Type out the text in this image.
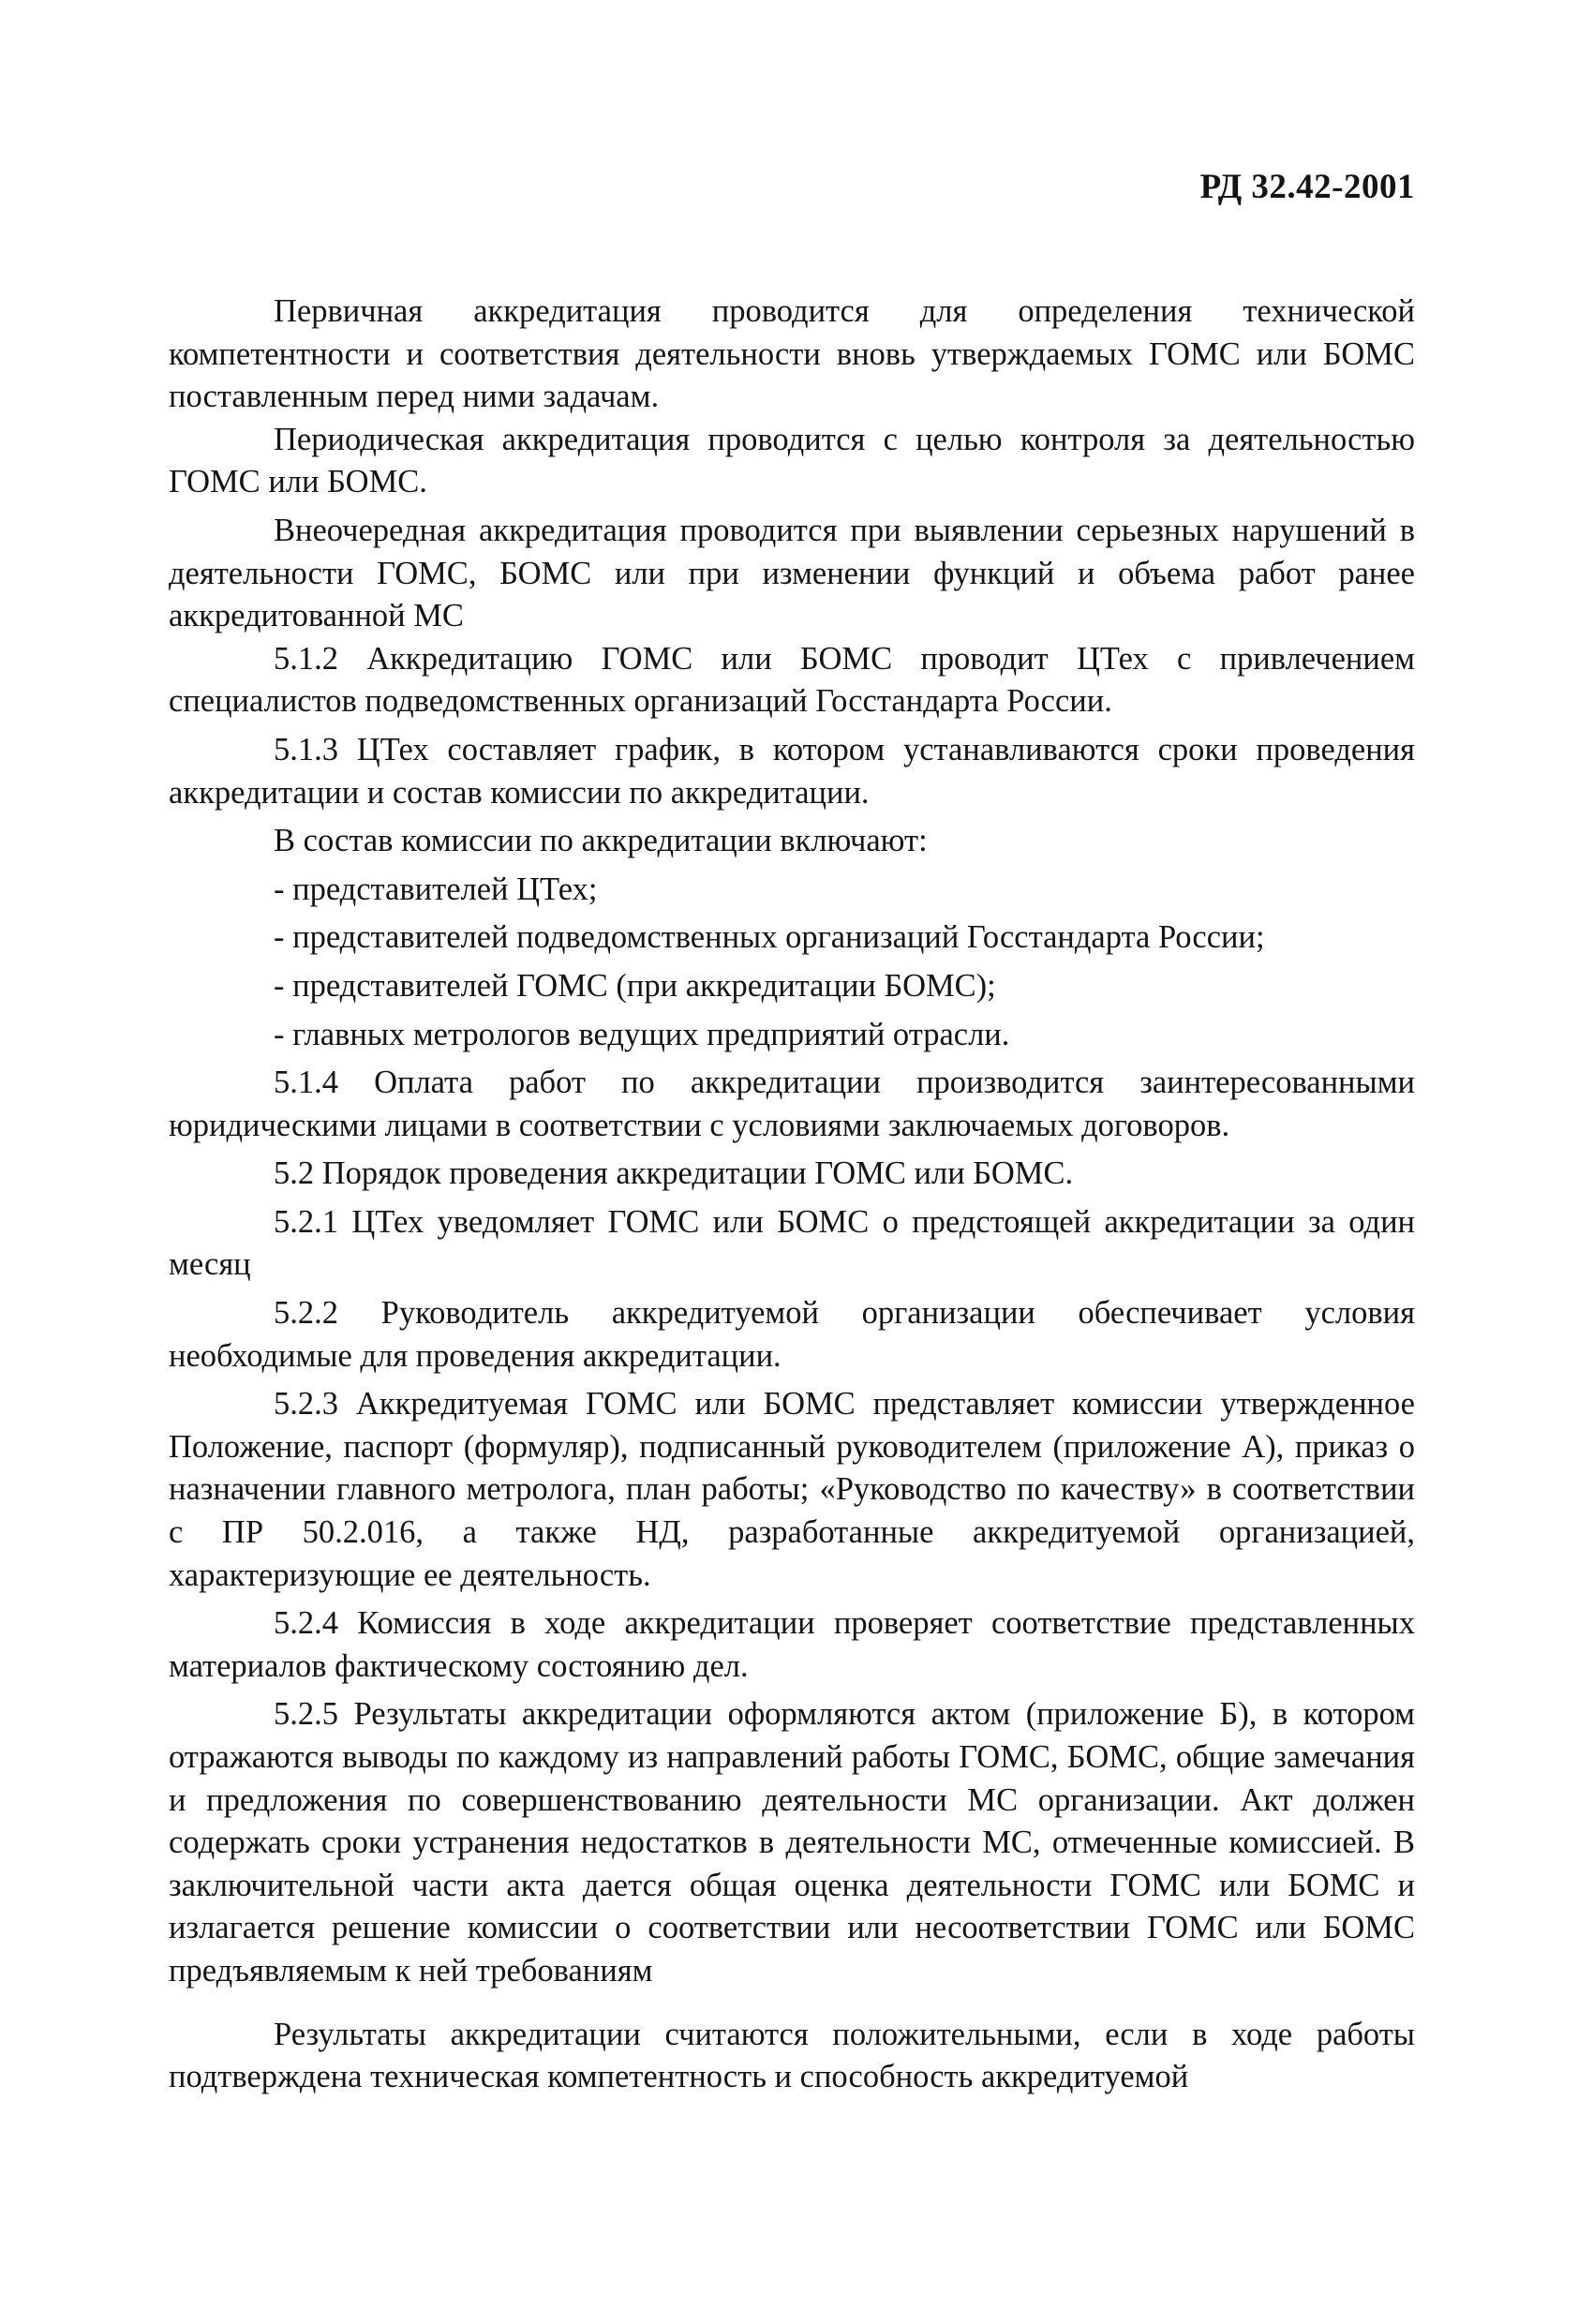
РД 32.42-2001

Первичная аккредитация проводится для определения технической компетентности и соответствия деятельности вновь утверждаемых ГОМС или БОМС поставленным перед ними задачам.

Периодическая аккредитация проводится с целью контроля за деятельностью ГОМС или БОМС.

Внеочередная аккредитация проводится при выявлении серьезных нарушений в деятельности ГОМС, БОМС или при изменении функций и объема работ ранее аккредитованной МС

5.1.2 Аккредитацию ГОМС или БОМС проводит ЦТех с привлечением специалистов подведомственных организаций Госстандарта России.

5.1.3 ЦТех составляет график, в котором устанавливаются сроки проведения аккредитации и состав комиссии по аккредитации.

В состав комиссии по аккредитации включают:

- представителей ЦТех;

- представителей подведомственных организаций Госстандарта России;

- представителей ГОМС (при аккредитации БОМС);

- главных метрологов ведущих предприятий отрасли.

5.1.4 Оплата работ по аккредитации производится заинтересованными юридическими лицами в соответствии с условиями заключаемых договоров.

5.2 Порядок проведения аккредитации ГОМС или БОМС.

5.2.1 ЦТех уведомляет ГОМС или БОМС о предстоящей аккредитации за один месяц

5.2.2 Руководитель аккредитуемой организации обеспечивает условия необходимые для проведения аккредитации.

5.2.3 Аккредитуемая ГОМС или БОМС представляет комиссии утвержденное Положение, паспорт (формуляр), подписанный руководителем (приложение А), приказ о назначении главного метролога, план работы; «Руководство по качеству» в соответствии с ПР 50.2.016, а также НД, разработанные аккредитуемой организацией, характеризующие ее деятельность.

5.2.4 Комиссия в ходе аккредитации проверяет соответствие представленных материалов фактическому состоянию дел.

5.2.5 Результаты аккредитации оформляются актом (приложение Б), в котором отражаются выводы по каждому из направлений работы ГОМС, БОМС, общие замечания и предложения по совершенствованию деятельности МС организации. Акт должен содержать сроки устранения недостатков в деятельности МС, отмеченные комиссией. В заключительной части акта дается общая оценка деятельности ГОМС или БОМС и излагается решение комиссии о соответствии или несоответствии ГОМС или БОМС предъявляемым к ней требованиям

Результаты аккредитации считаются положительными, если в ходе работы подтверждена техническая компетентность и способность аккредитуемой
